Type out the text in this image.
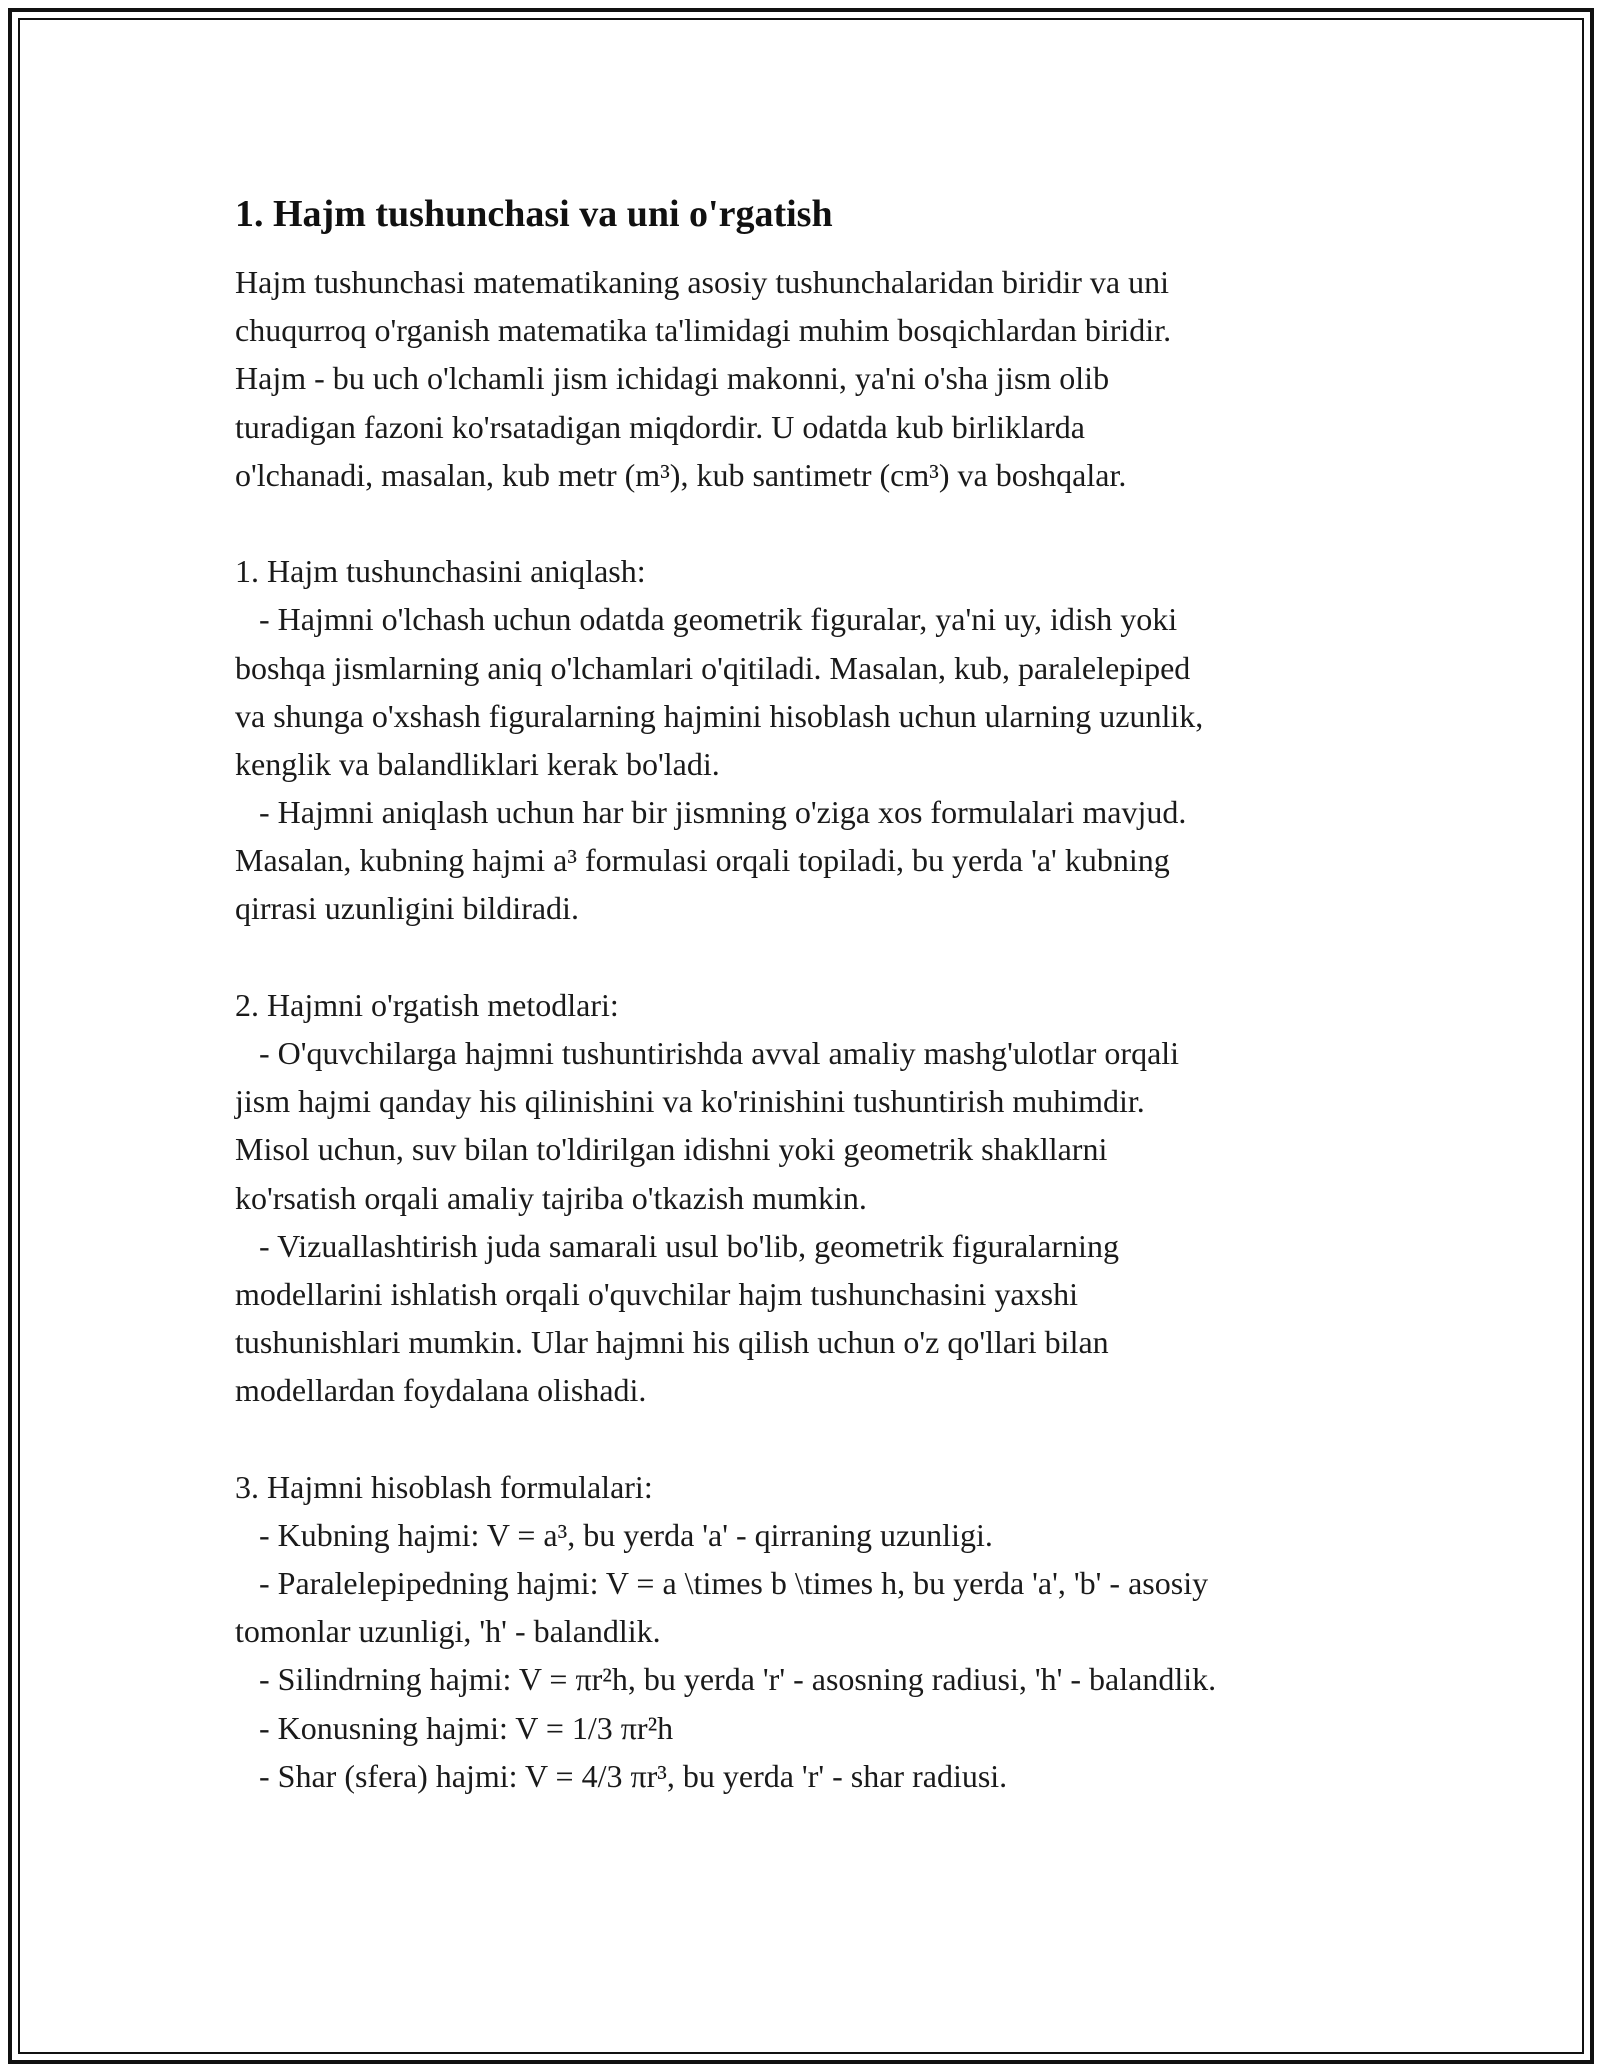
1. Hajm tushunchasi va uni o'rgatish
Hajm tushunchasi matematikaning asosiy tushunchalaridan biridir va uni
chuqurroq o'rganish matematika ta'limidagi muhim bosqichlardan biridir.
Hajm - bu uch o'lchamli jism ichidagi makonni, ya'ni o'sha jism olib
turadigan fazoni ko'rsatadigan miqdordir. U odatda kub birliklarda
o'lchanadi, masalan, kub metr (m³), kub santimetr (cm³) va boshqalar.
1. Hajm tushunchasini aniqlash:
- Hajmni o'lchash uchun odatda geometrik figuralar, ya'ni uy, idish yoki
boshqa jismlarning aniq o'lchamlari o'qitiladi. Masalan, kub, paralelepiped
va shunga o'xshash figuralarning hajmini hisoblash uchun ularning uzunlik,
kenglik va balandliklari kerak bo'ladi.
- Hajmni aniqlash uchun har bir jismning o'ziga xos formulalari mavjud.
Masalan, kubning hajmi a³ formulasi orqali topiladi, bu yerda 'a' kubning
qirrasi uzunligini bildiradi.
2. Hajmni o'rgatish metodlari:
- O'quvchilarga hajmni tushuntirishda avval amaliy mashg'ulotlar orqali
jism hajmi qanday his qilinishini va ko'rinishini tushuntirish muhimdir.
Misol uchun, suv bilan to'ldirilgan idishni yoki geometrik shakllarni
ko'rsatish orqali amaliy tajriba o'tkazish mumkin.
- Vizuallashtirish juda samarali usul bo'lib, geometrik figuralarning
modellarini ishlatish orqali o'quvchilar hajm tushunchasini yaxshi
tushunishlari mumkin. Ular hajmni his qilish uchun o'z qo'llari bilan
modellardan foydalana olishadi.
3. Hajmni hisoblash formulalari:
- Kubning hajmi: V = a³, bu yerda 'a' - qirraning uzunligi.
- Paralelepipedning hajmi: V = a \times b \times h, bu yerda 'a', 'b' - asosiy
tomonlar uzunligi, 'h' - balandlik.
- Silindrning hajmi: V = πr²h, bu yerda 'r' - asosning radiusi, 'h' - balandlik.
- Konusning hajmi: V = 1/3 πr²h
- Shar (sfera) hajmi: V = 4/3 πr³, bu yerda 'r' - shar radiusi.
